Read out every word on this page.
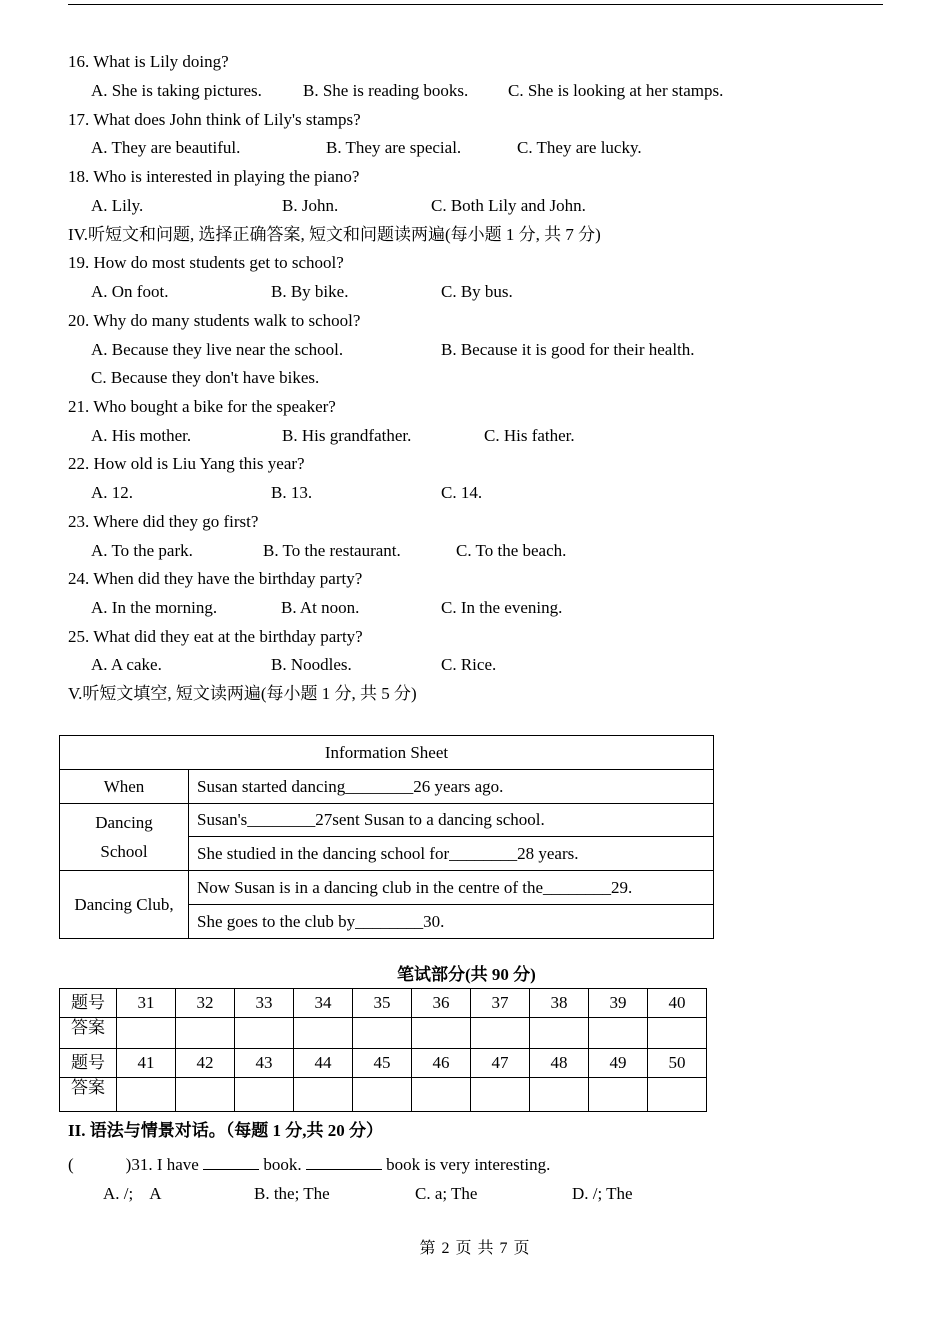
16. What is Lily doing?
A. She is taking pictures. B. She is reading books. C. She is looking at her stamps.
17. What does John think of Lily's stamps?
A. They are beautiful.	B. They are special.	C. They are lucky.
18. Who is interested in playing the piano?
A. Lily.	B. John.	C. Both Lily and John.
IV.听短文和问题, 选择正确答案, 短文和问题读两遍(每小题 1 分, 共 7 分)
19. How do most students get to school?
A. On foot.	B. By bike.	C. By bus.
20. Why do many students walk to school?
A. Because they live near the school.	B. Because it is good for their health.
C. Because they don't have bikes.
21. Who bought a bike for the speaker?
A. His mother.	B. His grandfather.	C. His father.
22. How old is Liu Yang this year?
A. 12.	B. 13.	C. 14.
23. Where did they go first?
A. To the park.	B. To the restaurant.	C. To the beach.
24. When did they have the birthday party?
A. In the morning.	B. At noon.	C. In the evening.
25. What did they eat at the birthday party?
A. A cake.	B. Noodles.	C. Rice.
V.听短文填空, 短文读两遍(每小题 1 分, 共 5 分)
Information Sheet	
When	Susan started dancing________26 years ago.
Dancing
School	Susan's________27sent Susan to a dancing school.
	She studied in the dancing school for________28 years.
Dancing Club,	Now Susan is in a dancing club in the centre of the________29.
	She goes to the club by________30.
笔试部分(共 90 分)
题号	31	32	33	34	35	36	37	38	39	40
答案										
题号	41	42	43	44	45	46	47	48	49	50
答案										
II. 语法与情景对话。（每题 1 分,共 20 分）
(	)31. I have	book.	book is very interesting.
A. /;    A	B. the; The	C. a; The	D. /; The
第 2 页 共 7 页
